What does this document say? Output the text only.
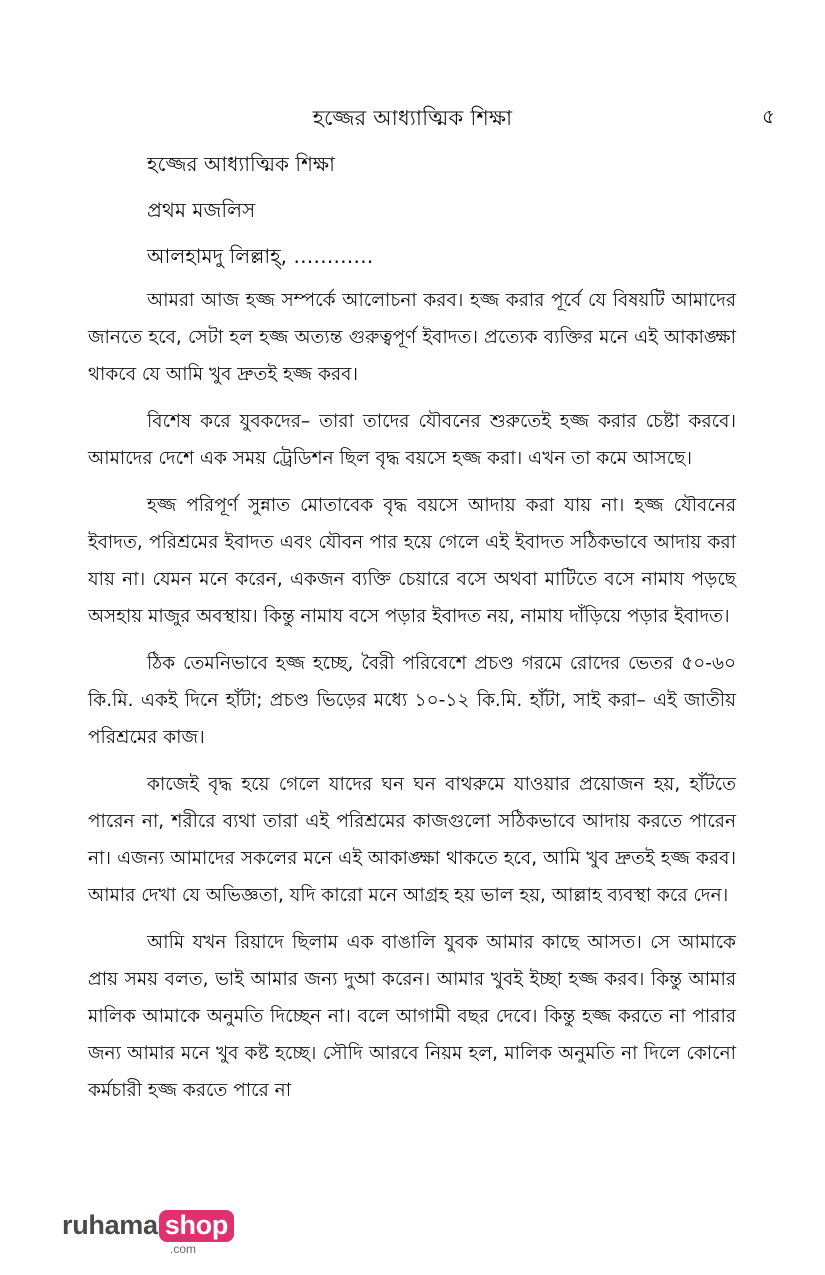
হজ্জের আধ্যাত্মিক শিক্ষা	৫
হজ্জের আধ্যাত্মিক শিক্ষা
প্রথম মজলিস
আলহামদু লিল্লাহ্‌, …………

আমরা আজ হজ্জ সম্পর্কে আলোচনা করব। হজ্জ করার পূর্বে যে বিষয়টি আমাদের জানতে হবে, সেটা হল হজ্জ অত্যন্ত গুরুত্বপূর্ণ ইবাদত। প্রত্যেক ব্যক্তির মনে এই আকাঙ্ক্ষা থাকবে যে আমি খুব দ্রুতই হজ্জ করব।

বিশেষ করে যুবকদের– তারা তাদের যৌবনের শুরুতেই হজ্জ করার চেষ্টা করবে। আমাদের দেশে এক সময় ট্রেডিশন ছিল বৃদ্ধ বয়সে হজ্জ করা। এখন তা কমে আসছে।

হজ্জ পরিপূর্ণ সুন্নাত মোতাবেক বৃদ্ধ বয়সে আদায় করা যায় না। হজ্জ যৌবনের ইবাদত, পরিশ্রমের ইবাদত এবং যৌবন পার হয়ে গেলে এই ইবাদত সঠিকভাবে আদায় করা যায় না। যেমন মনে করেন, একজন ব্যক্তি চেয়ারে বসে অথবা মাটিতে বসে নামায পড়ছে অসহায় মাজুর অবস্থায়। কিন্তু নামায বসে পড়ার ইবাদত নয়, নামায দাঁড়িয়ে পড়ার ইবাদত।

ঠিক তেমনিভাবে হজ্জ হচ্ছে, বৈরী পরিবেশে প্রচণ্ড গরমে রোদের ভেতর ৫০-৬০ কি.মি. একই দিনে হাঁটা; প্রচণ্ড ভিড়ের মধ্যে ১০-১২ কি.মি. হাঁটা, সাই করা– এই জাতীয় পরিশ্রমের কাজ।

কাজেই বৃদ্ধ হয়ে গেলে যাদের ঘন ঘন বাথরুমে যাওয়ার প্রয়োজন হয়, হাঁটতে পারেন না, শরীরে ব্যথা তারা এই পরিশ্রমের কাজগুলো সঠিকভাবে আদায় করতে পারেন না। এজন্য আমাদের সকলের মনে এই আকাঙ্ক্ষা থাকতে হবে, আমি খুব দ্রুতই হজ্জ করব। আমার দেখা যে অভিজ্ঞতা, যদি কারো মনে আগ্রহ হয় ভাল হয়, আল্লাহ ব্যবস্থা করে দেন।

আমি যখন রিয়াদে ছিলাম এক বাঙালি যুবক আমার কাছে আসত। সে আমাকে প্রায় সময় বলত, ভাই আমার জন্য দুআ করেন। আমার খুবই ইচ্ছা হজ্জ করব। কিন্তু আমার মালিক আমাকে অনুমতি দিচ্ছেন না। বলে আগামী বছর দেবে। কিন্তু হজ্জ করতে না পারার জন্য আমার মনে খুব কষ্ট হচ্ছে। সৌদি আরবে নিয়ম হল, মালিক অনুমতি না দিলে কোনো কর্মচারী হজ্জ করতে পারে না

ruhama shop
.com
